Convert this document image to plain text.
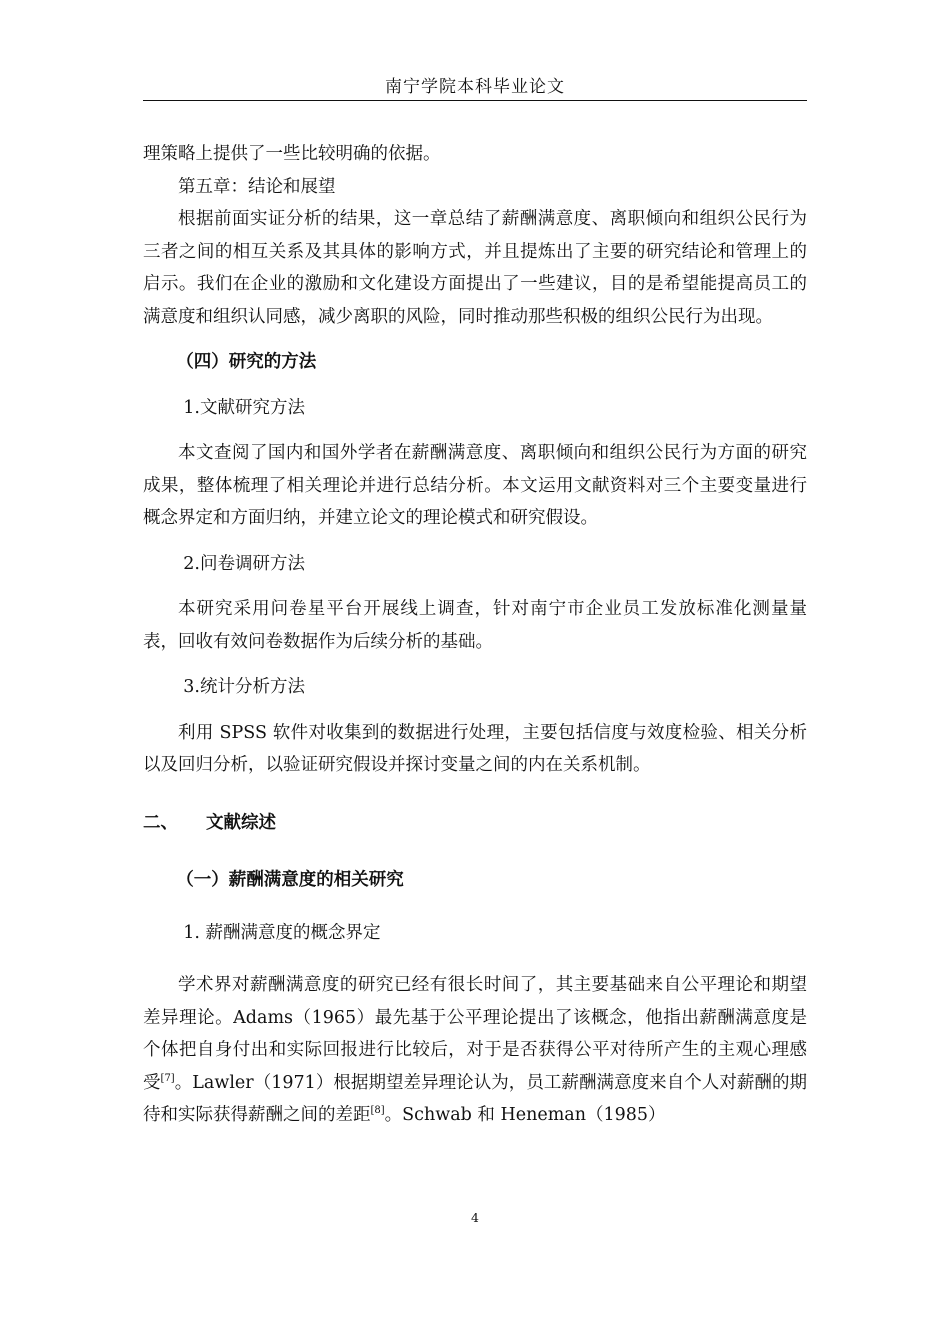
南宁学院本科毕业论文

理策略上提供了一些比较明确的依据。

第五章：结论和展望

根据前面实证分析的结果，这一章总结了薪酬满意度、离职倾向和组织公民行为三者之间的相互关系及其具体的影响方式，并且提炼出了主要的研究结论和管理上的启示。我们在企业的激励和文化建设方面提出了一些建议，目的是希望能提高员工的满意度和组织认同感，减少离职的风险，同时推动那些积极的组织公民行为出现。

（四）研究的方法

1.文献研究方法

本文查阅了国内和国外学者在薪酬满意度、离职倾向和组织公民行为方面的研究成果，整体梳理了相关理论并进行总结分析。本文运用文献资料对三个主要变量进行概念界定和方面归纳，并建立论文的理论模式和研究假设。

2.问卷调研方法

本研究采用问卷星平台开展线上调查，针对南宁市企业员工发放标准化测量量表，回收有效问卷数据作为后续分析的基础。

3.统计分析方法

利用 SPSS 软件对收集到的数据进行处理，主要包括信度与效度检验、相关分析以及回归分析，以验证研究假设并探讨变量之间的内在关系机制。

二、 文献综述

（一）薪酬满意度的相关研究

1. 薪酬满意度的概念界定

学术界对薪酬满意度的研究已经有很长时间了，其主要基础来自公平理论和期望差异理论。Adams（1965）最先基于公平理论提出了该概念，他指出薪酬满意度是个体把自身付出和实际回报进行比较后，对于是否获得公平对待所产生的主观心理感受[7]。Lawler（1971）根据期望差异理论认为，员工薪酬满意度来自个人对薪酬的期待和实际获得薪酬之间的差距[8]。Schwab 和 Heneman（1985）

4
